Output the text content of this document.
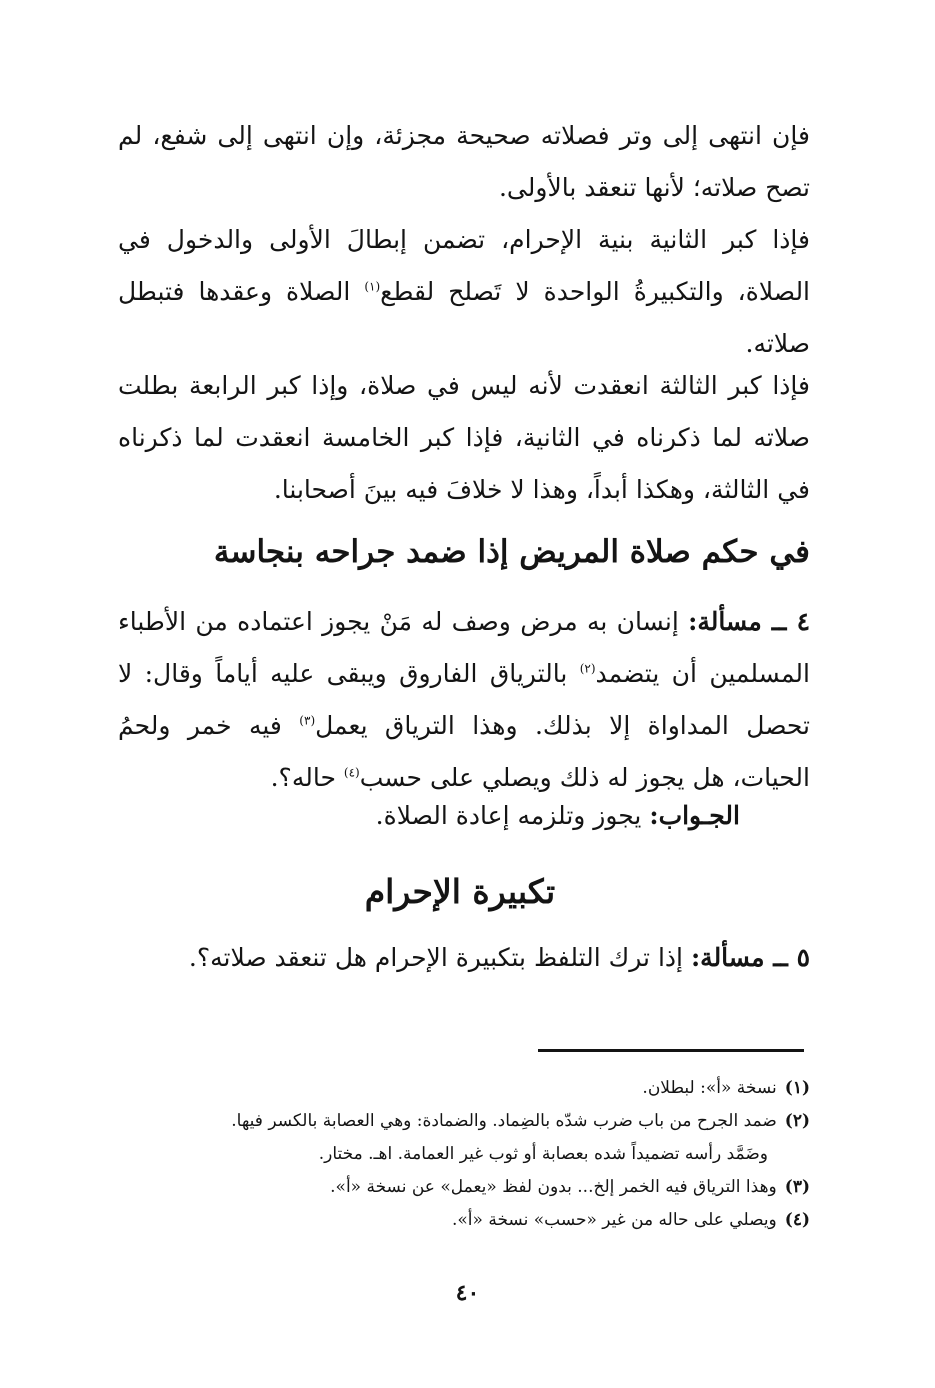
فإن انتهى إلى وتر فصلاته صحيحة مجزئة، وإن انتهى إلى شفع، لم تصح صلاته؛ لأنها تنعقد بالأولى.

فإذا كبر الثانية بنية الإحرام، تضمن إبطالَ الأولى والدخول في الصلاة، والتكبيرةُ الواحدة لا تَصلح لقطع$^{(١)}$ الصلاة وعقدها فتبطل صلاته.

فإذا كبر الثالثة انعقدت لأنه ليس في صلاة، وإذا كبر الرابعة بطلت صلاته لما ذكرناه في الثانية، فإذا كبر الخامسة انعقدت لما ذكرناه في الثالثة، وهكذا أبداً، وهذا لا خلافَ فيه بينَ أصحابنا.

في حكم صلاة المريض إذا ضمد جراحه بنجاسة

٤ ــ مسألة: إنسان به مرض وصف له مَنْ يجوز اعتماده من الأطباء المسلمين أن يتضمد$^{(٢)}$ بالترياق الفاروق ويبقى عليه أياماً وقال: لا تحصل المداواة إلا بذلك. وهذا الترياق يعمل$^{(٣)}$ فيه خمر ولحمُ الحيات، هل يجوز له ذلك ويصلي على حسب$^{(٤)}$ حاله؟.

الجـواب: يجوز وتلزمه إعادة الصلاة.

تكبيرة الإحرام

٥ ــ مسألة: إذا ترك التلفظ بتكبيرة الإحرام هل تنعقد صلاته؟.

(١)نسخة «أ»: لبطلان.
(٢)ضمد الجرح من باب ضرب شدّه بالضِماد. والضمادة: وهي العصابة بالكسر فيها.
وضَمَّد رأسه تضميداً شده بعصابة أو ثوب غير العمامة. اهـ. مختار.
(٣)وهذا الترياق فيه الخمر إلخ... بدون لفظ «يعمل» عن نسخة «أ».
(٤)ويصلي على حاله من غير «حسب» نسخة «أ».
٤٠
